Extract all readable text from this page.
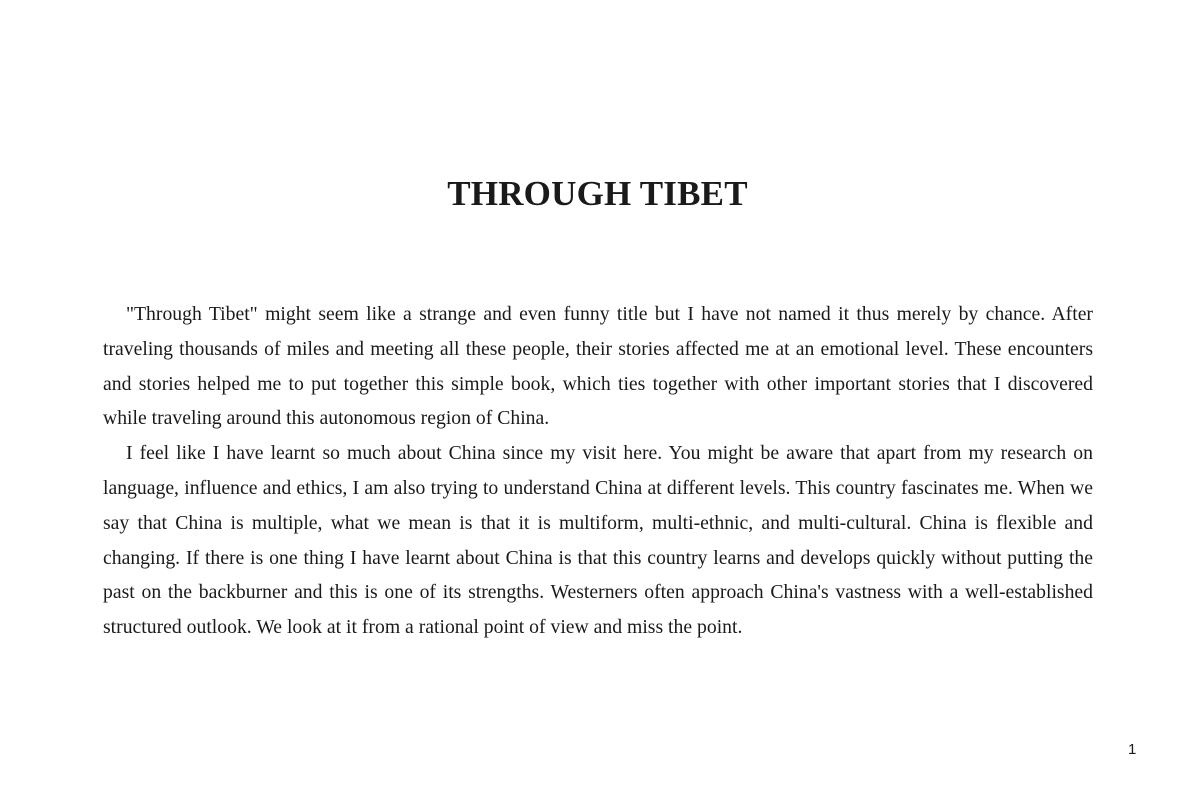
THROUGH TIBET

"Through Tibet" might seem like a strange and even funny title but I have not named it thus merely by chance. After traveling thousands of miles and meeting all these people, their stories affected me at an emotional level. These encounters and stories helped me to put together this simple book, which ties together with other important stories that I discovered while traveling around this autonomous region of China.

I feel like I have learnt so much about China since my visit here. You might be aware that apart from my research on language, influence and ethics, I am also trying to understand China at different levels. This country fascinates me. When we say that China is multiple, what we mean is that it is multiform, multi-ethnic, and multi-cultural. China is flexible and changing. If there is one thing I have learnt about China is that this country learns and develops quickly without putting the past on the backburner and this is one of its strengths. Westerners often approach China's vastness with a well-established structured outlook. We look at it from a rational point of view and miss the point.

1
